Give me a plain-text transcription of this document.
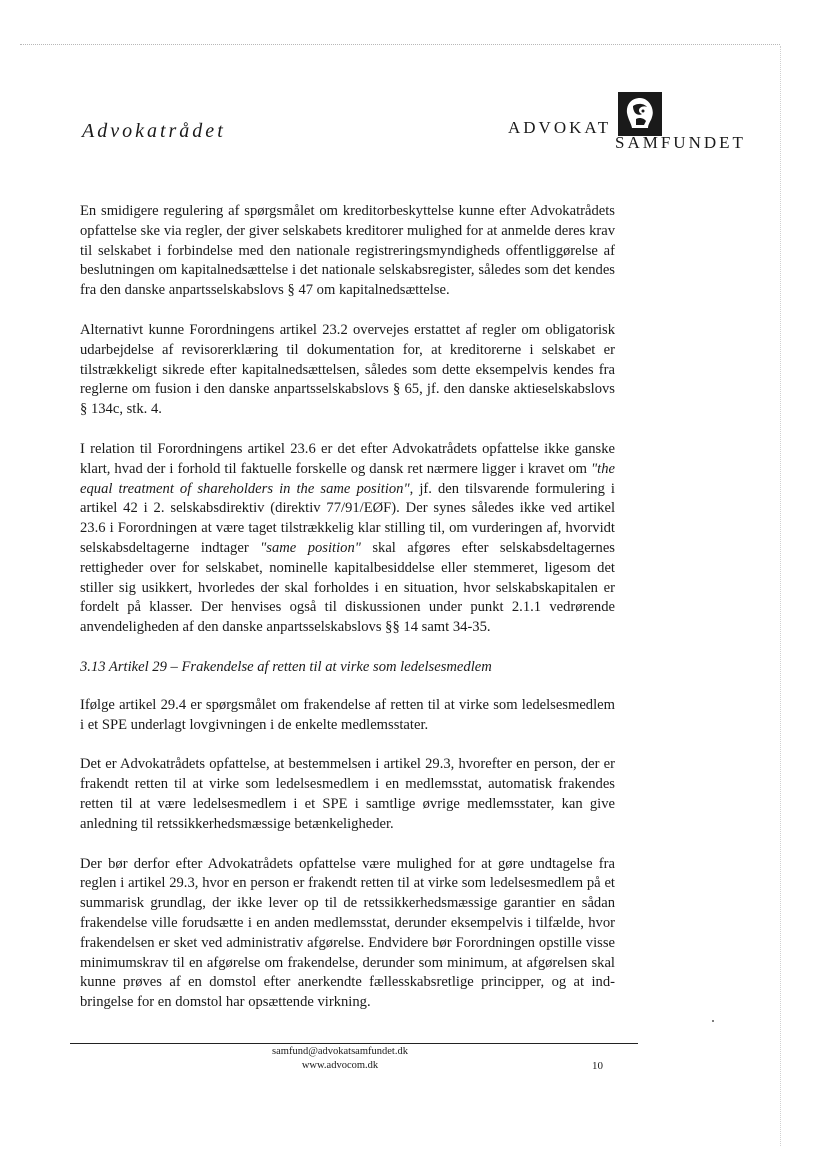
Advokatrådet	ADVOKAT
SAMFUNDET

En smidigere regulering af spørgsmålet om kreditorbeskyttelse kunne efter Advokatrådets opfattelse ske via regler, der giver selskabets kreditorer mulighed for at anmelde deres krav til selskabet i forbindelse med den nationale registreringsmyndigheds offentliggørelse af beslutningen om kapitalnedsættelse i det nationale selskabsregister, således som det kendes fra den danske anpartsselskabslovs § 47 om kapitalnedsættelse.

Alternativt kunne Forordningens artikel 23.2 overvejes erstattet af regler om obligatorisk udarbejdelse af revisorerklæring til dokumentation for, at kreditorerne i selskabet er tilstrækkeligt sikrede efter kapitalnedsættelsen, således som dette eksempelvis kendes fra reglerne om fusion i den danske anpartsselskabslovs § 65, jf. den danske aktieselskabslovs § 134c, stk. 4.

I relation til Forordningens artikel 23.6 er det efter Advokatrådets opfattelse ikke ganske klart, hvad der i forhold til faktuelle forskelle og dansk ret nærmere ligger i kravet om "the equal treatment of shareholders in the same position", jf. den tilsvarende formulering i artikel 42 i 2. selskabsdirektiv (direktiv 77/91/EØF). Der synes således ikke ved artikel 23.6 i Forordningen at være taget tilstrækkelig klar stilling til, om vurderingen af, hvorvidt selskabsdeltagerne indtager "same position" skal afgøres efter selskabsdeltagernes rettigheder over for selskabet, nominelle kapitalbesiddelse eller stemmeret, ligesom det stiller sig usikkert, hvorledes der skal forholdes i en situation, hvor selskabskapitalen er fordelt på klasser. Der henvises også til diskussionen under punkt 2.1.1 vedrørende anvendeligheden af den danske anpartsselskabslovs §§ 14 samt 34-35.

3.13 Artikel 29 – Frakendelse af retten til at virke som ledelsesmedlem

Ifølge artikel 29.4 er spørgsmålet om frakendelse af retten til at virke som ledelsesmedlem i et SPE underlagt lovgivningen i de enkelte medlemsstater.

Det er Advokatrådets opfattelse, at bestemmelsen i artikel 29.3, hvorefter en person, der er frakendt retten til at virke som ledelsesmedlem i en medlemsstat, automatisk frakendes retten til at være ledelsesmedlem i et SPE i samtlige øvrige medlemsstater, kan give anledning til retssikkerhedsmæssige betænkeligheder.

Der bør derfor efter Advokatrådets opfattelse være mulighed for at gøre undtagelse fra reglen i artikel 29.3, hvor en person er frakendt retten til at virke som ledelsesmedlem på et summarisk grundlag, der ikke lever op til de retssikkerhedsmæssige garantier en sådan frakendelse ville forudsætte i en anden medlemsstat, derunder eksempelvis i tilfælde, hvor frakendelsen er sket ved administrativ afgørelse. Endvidere bør Forordningen opstille visse minimumskrav til en afgørelse om frakendelse, derunder som minimum, at afgørelsen skal kunne prøves af en domstol efter anerkendte fællesskabsretlige principper, og at indbringelse for en domstol har opsættende virkning.

samfund@advokatsamfundet.dk
www.advocom.dk	10
